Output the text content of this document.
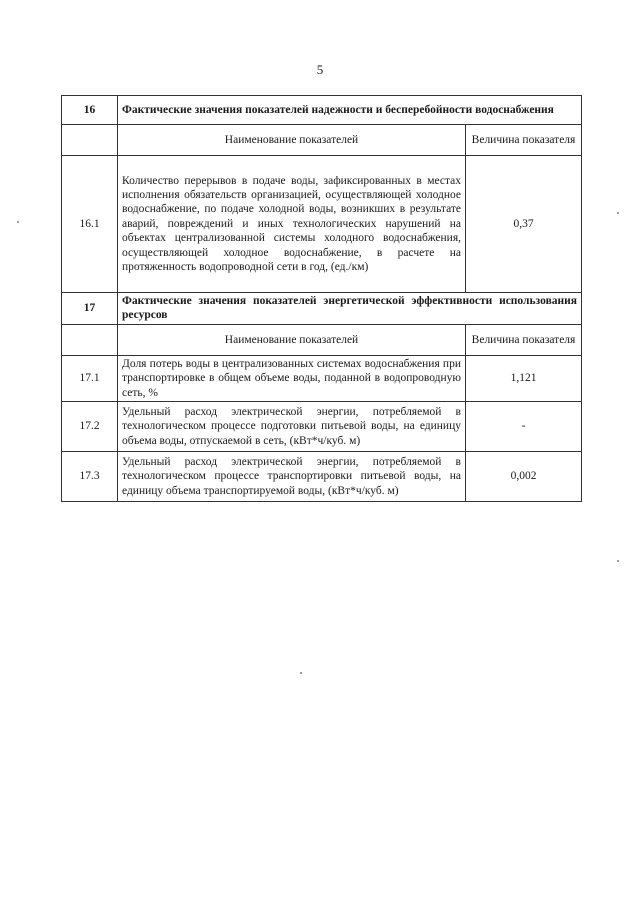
5
16	Фактические значения показателей надежности и бесперебойности водоснабжения	
	Наименование показателей	Величина показателя
16.1	Количество перерывов в подаче воды, зафиксированных в местах исполнения обязательств организацией, осуществляющей холодное водоснабжение, по подаче холодной воды, возникших в результате аварий, повреждений и иных технологических нарушений на объектах централизованной системы холодного водоснабжения, осуществляющей холодное водоснабжение, в расчете на протяженность водопроводной сети в год, (ед./км)	0,37
17	Фактические значения показателей энергетической эффективности использования ресурсов	
	Наименование показателей	Величина показателя
17.1	Доля потерь воды в централизованных системах водоснабжения при транспортировке в общем объеме воды, поданной в водопроводную сеть, %	1,121
17.2	Удельный расход электрической энергии, потребляемой в технологическом процессе подготовки питьевой воды, на единицу объема воды, отпускаемой в сеть, (кВт*ч/куб. м)	-
17.3	Удельный расход электрической энергии, потребляемой в технологическом процессе транспортировки питьевой воды, на единицу объема транспортируемой воды, (кВт*ч/куб. м)	0,002
